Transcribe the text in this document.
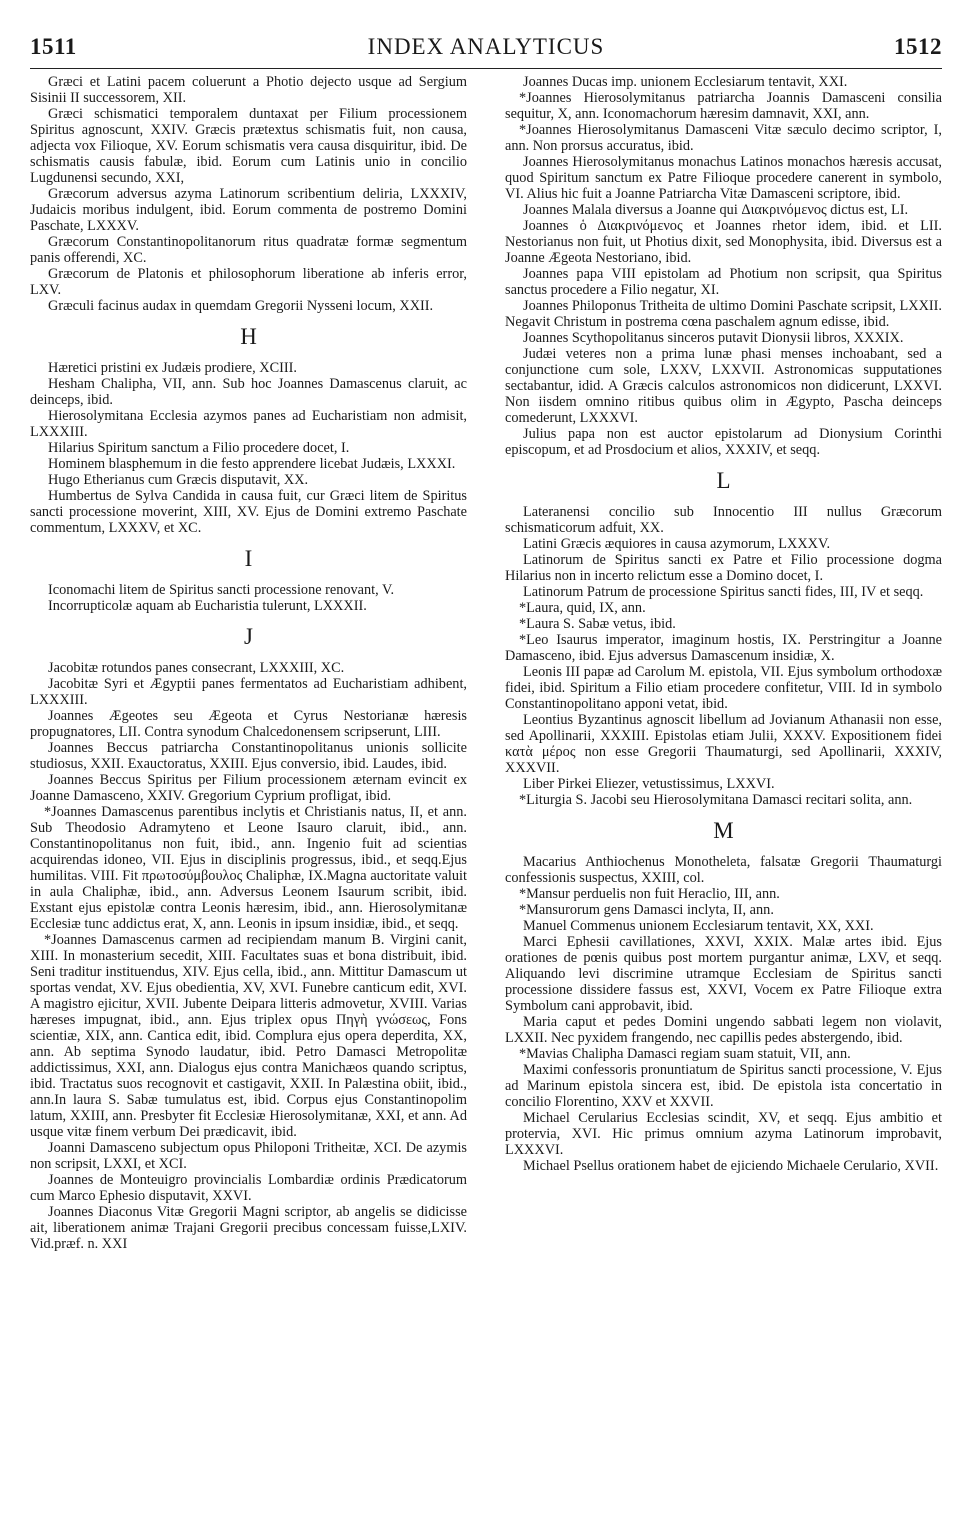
1511	INDEX ANALYTICUS	1512

Græci et Latini pacem coluerunt a Photio dejecto usque ad Sergium Sisinii II successorem, XII.

Græci schismatici temporalem duntaxat per Filium processionem Spiritus agnoscunt, XXIV. Græcis prætextus schismatis fuit, non causa, adjecta vox Filioque, XV. Eorum schismatis vera causa disquiritur, ibid. De schismatis causis fabulæ, ibid. Eorum cum Latinis unio in concilio Lugdunensi secundo, XXI,

Græcorum adversus azyma Latinorum scribentium deliria, LXXXIV, Judaicis moribus indulgent, ibid. Eorum commenta de postremo Domini Paschate, LXXXV.

Græcorum Constantinopolitanorum ritus quadratæ formæ segmentum panis offerendi, XC.

Græcorum de Platonis et philosophorum liberatione ab inferis error, LXV.

Græculi facinus audax in quemdam Gregorii Nysseni locum, XXII.

H

Hæretici pristini ex Judæis prodiere, XCIII.

Hesham Chalipha, VII, ann. Sub hoc Joannes Damascenus claruit, ac deinceps, ibid.

Hierosolymitana Ecclesia azymos panes ad Eucharistiam non admisit, LXXXIII.

Hilarius Spiritum sanctum a Filio procedere docet, I.

Hominem blasphemum in die festo apprendere licebat Judæis, LXXXI.

Hugo Etherianus cum Græcis disputavit, XX.

Humbertus de Sylva Candida in causa fuit, cur Græci litem de Spiritus sancti processione moverint, XIII, XV. Ejus de Domini extremo Paschate commentum, LXXXV, et XC.

I

Iconomachi litem de Spiritus sancti processione renovant, V.

Incorrupticolæ aquam ab Eucharistia tulerunt, LXXXII.

J

Jacobitæ rotundos panes consecrant, LXXXIII, XC.

Jacobitæ Syri et Ægyptii panes fermentatos ad Eucharistiam adhibent, LXXXIII.

Joannes Ægeotes seu Ægeota et Cyrus Nestorianæ hæresis propugnatores, LII. Contra synodum Chalcedonensem scripserunt, LIII.

Joannes Beccus patriarcha Constantinopolitanus unionis sollicite studiosus, XXII. Exauctoratus, XXIII. Ejus conversio, ibid. Laudes, ibid.

Joannes Beccus Spiritus per Filium processionem æternam evincit ex Joanne Damasceno, XXIV. Gregorium Cyprium profligat, ibid.

*Joannes Damascenus parentibus inclytis et Christianis natus, II, et ann. Sub Theodosio Adramyteno et Leone Isauro claruit, ibid., ann. Constantinopolitanus non fuit, ibid., ann. Ingenio fuit ad scientias acquirendas idoneo, VII. Ejus in disciplinis progressus, ibid., et seqq.Ejus humilitas. VIII. Fit πρωτοσύμβουλος Chaliphæ, IX.Magna auctoritate valuit in aula Chaliphæ, ibid., ann. Adversus Leonem Isaurum scribit, ibid. Exstant ejus epistolæ contra Leonis hæresim, ibid., ann. Hierosolymitanæ Ecclesiæ tunc addictus erat, X, ann. Leonis in ipsum insidiæ, ibid., et seqq.

*Joannes Damascenus carmen ad recipiendam manum B. Virgini canit, XIII. In monasterium secedit, XIII. Facultates suas et bona distribuit, ibid. Seni traditur instituendus, XIV. Ejus cella, ibid., ann. Mittitur Damascum ut sportas vendat, XV. Ejus obedientia, XV, XVI. Funebre canticum edit, XVI. A magistro ejicitur, XVII. Jubente Deipara litteris admovetur, XVIII. Varias hæreses impugnat, ibid., ann. Ejus triplex opus Πηγὴ γνώσεως, Fons scientiæ, XIX, ann. Cantica edit, ibid. Complura ejus opera deperdita, XX, ann. Ab septima Synodo laudatur, ibid. Petro Damasci Metropolitæ addictissimus, XXI, ann. Dialogus ejus contra Manichæos quando scriptus, ibid. Tractatus suos recognovit et castigavit, XXII. In Palæstina obiit, ibid., ann.In laura S. Sabæ tumulatus est, ibid. Corpus ejus Constantinopolim latum, XXIII, ann. Presbyter fit Ecclesiæ Hierosolymitanæ, XXI, et ann. Ad usque vitæ finem verbum Dei prædicavit, ibid.

Joanni Damasceno subjectum opus Philoponi Tritheitæ, XCI. De azymis non scripsit, LXXI, et XCI.

Joannes de Monteuigro provincialis Lombardiæ ordinis Prædicatorum cum Marco Ephesio disputavit, XXVI.

Joannes Diaconus Vitæ Gregorii Magni scriptor, ab angelis se didicisse ait, liberationem animæ Trajani Gregorii precibus concessam fuisse,LXIV. Vid.præf. n. XXI

Joannes Ducas imp. unionem Ecclesiarum tentavit, XXI.

*Joannes Hierosolymitanus patriarcha Joannis Damasceni consilia sequitur, X, ann. Iconomachorum hæresim damnavit, XXI, ann.

*Joannes Hierosolymitanus Damasceni Vitæ sæculo decimo scriptor, I, ann. Non prorsus accuratus, ibid.

Joannes Hierosolymitanus monachus Latinos monachos hæresis accusat, quod Spiritum sanctum ex Patre Filioque procedere canerent in symbolo, VI. Alius hic fuit a Joanne Patriarcha Vitæ Damasceni scriptore, ibid.

Joannes Malala diversus a Joanne qui Διακρινόμενος dictus est, LI.

Joannes ὁ Διακρινόμενος et Joannes rhetor idem, ibid. et LII. Nestorianus non fuit, ut Photius dixit, sed Monophysita, ibid. Diversus est a Joanne Ægeota Nestoriano, ibid.

Joannes papa VIII epistolam ad Photium non scripsit, qua Spiritus sanctus procedere a Filio negatur, XI.

Joannes Philoponus Tritheita de ultimo Domini Paschate scripsit, LXXII. Negavit Christum in postrema cœna paschalem agnum edisse, ibid.

Joannes Scythopolitanus sinceros putavit Dionysii libros, XXXIX.

Judæi veteres non a prima lunæ phasi menses inchoabant, sed a conjunctione cum sole, LXXV, LXXVII. Astronomicas supputationes sectabantur, idid. A Græcis calculos astronomicos non didicerunt, LXXVI. Non iisdem omnino ritibus quibus olim in Ægypto, Pascha deinceps comederunt, LXXXVI.

Julius papa non est auctor epistolarum ad Dionysium Corinthi episcopum, et ad Prosdocium et alios, XXXIV, et seqq.

L

Lateranensi concilio sub Innocentio III nullus Græcorum schismaticorum adfuit, XX.

Latini Græcis æquiores in causa azymorum, LXXXV.

Latinorum de Spiritus sancti ex Patre et Filio processione dogma Hilarius non in incerto relictum esse a Domino docet, I.

Latinorum Patrum de processione Spiritus sancti fides, III, IV et seqq.

*Laura, quid, IX, ann.

*Laura S. Sabæ vetus, ibid.

*Leo Isaurus imperator, imaginum hostis, IX. Perstringitur a Joanne Damasceno, ibid. Ejus adversus Damascenum insidiæ, X.

Leonis III papæ ad Carolum M. epistola, VII. Ejus symbolum orthodoxæ fidei, ibid. Spiritum a Filio etiam procedere confitetur, VIII. Id in symbolo Constantinopolitano apponi vetat, ibid.

Leontius Byzantinus agnoscit libellum ad Jovianum Athanasii non esse, sed Apollinarii, XXXIII. Epistolas etiam Julii, XXXV. Expositionem fidei κατὰ μέρος non esse Gregorii Thaumaturgi, sed Apollinarii, XXXIV, XXXVII.

Liber Pirkei Eliezer, vetustissimus, LXXVI.

*Liturgia S. Jacobi seu Hierosolymitana Damasci recitari solita, ann.

M

Macarius Anthiochenus Monotheleta, falsatæ Gregorii Thaumaturgi confessionis suspectus, XXIII, col.

*Mansur perduelis non fuit Heraclio, III, ann.

*Mansurorum gens Damasci inclyta, II, ann.

Manuel Commenus unionem Ecclesiarum tentavit, XX, XXI.

Marci Ephesii cavillationes, XXVI, XXIX. Malæ artes ibid. Ejus orationes de pœnis quibus post mortem purgantur animæ, LXV, et seqq. Aliquando levi discrimine utramque Ecclesiam de Spiritus sancti processione dissidere fassus est, XXVI, Vocem ex Patre Filioque extra Symbolum cani approbavit, ibid.

Maria caput et pedes Domini ungendo sabbati legem non violavit, LXXII. Nec pyxidem frangendo, nec capillis pedes abstergendo, ibid.

*Mavias Chalipha Damasci regiam suam statuit, VII, ann.

Maximi confessoris pronuntiatum de Spiritus sancti processione, V. Ejus ad Marinum epistola sincera est, ibid. De epistola ista concertatio in concilio Florentino, XXV et XXVII.

Michael Cerularius Ecclesias scindit, XV, et seqq. Ejus ambitio et protervia, XVI. Hic primus omnium azyma Latinorum improbavit, LXXXVI.

Michael Psellus orationem habet de ejiciendo Michaele Cerulario, XVII.
